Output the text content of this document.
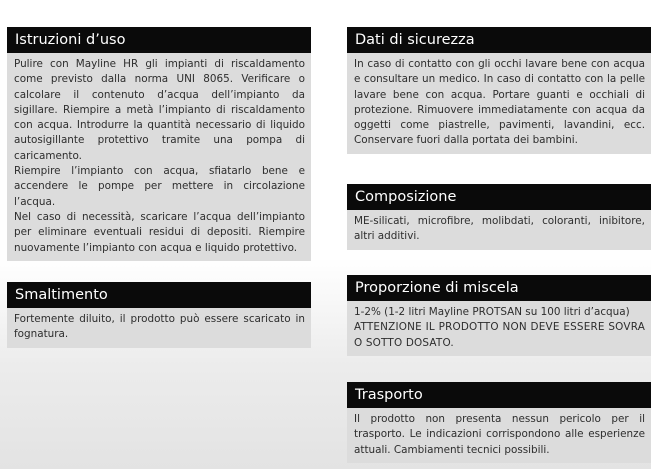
Istruzioni d’uso

Pulire con Mayline HR gli impianti di riscaldamento come previsto dalla norma UNI 8065. Verificare o calcolare il contenuto d’acqua dell’impianto da sigillare. Riempire a metà l’impianto di riscaldamento con acqua. Introdurre la quantità necessario di liquido autosigillante protettivo tramite una pompa di caricamento.

Riempire l’impianto con acqua, sfiatarlo bene e accendere le pompe per mettere in circolazione l’acqua.

Nel caso di necessità, scaricare l’acqua dell’impianto per eliminare eventuali residui di depositi. Riempire nuovamente l’impianto con acqua e liquido protettivo.

Smaltimento

Fortemente diluito, il prodotto può essere scaricato in fognatura.

Dati di sicurezza

In caso di contatto con gli occhi lavare bene con acqua e consultare un medico. In caso di contatto con la pelle lavare bene con acqua. Portare guanti e occhiali di protezione. Rimuovere immediatamente con acqua da oggetti come piastrelle, pavimenti, lavandini, ecc. Conservare fuori dalla portata dei bambini.

Composizione

ME-silicati, microfibre, molibdati, coloranti, inibitore, altri additivi.

Proporzione di miscela

1-2% (1-2 litri Mayline PROTSAN su 100 litri d’acqua)

ATTENZIONE IL PRODOTTO NON DEVE ESSERE SOVRA O SOTTO DOSATO.

Trasporto

Il prodotto non presenta nessun pericolo per il trasporto. Le indicazioni corrispondono alle esperienze attuali. Cambiamenti tecnici possibili.
